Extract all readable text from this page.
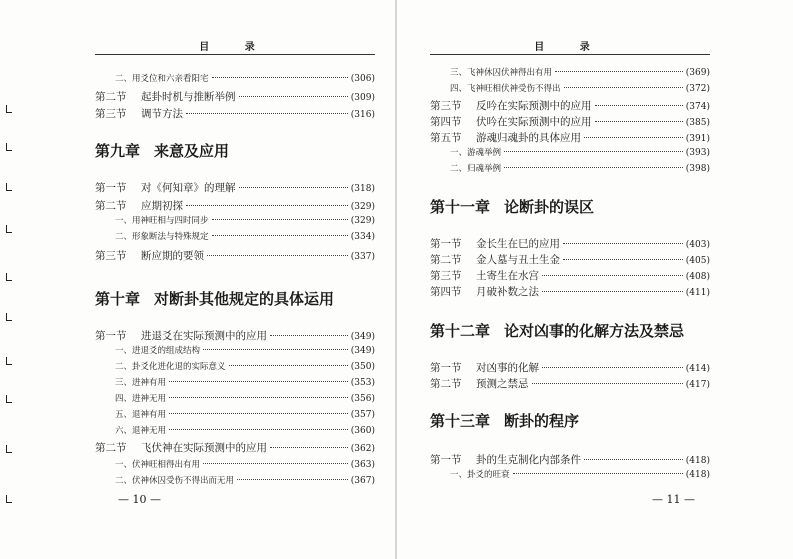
目 录
二、用爻位和六亲看阳宅	(306)
第二节	起卦时机与推断举例	(309)
第三节	调节方法	(316)
第九章 来意及应用
第一节	对《何知章》的理解	(318)
第二节	应期初探	(329)
一、用神旺相与四时同步	(329)
二、形象断法与特殊规定	(334)
第三节	断应期的要领	(337)
第十章 对断卦其他规定的具体运用
第一节	进退爻在实际预测中的应用	(349)
一、进退爻的组成结构	(349)
二、卦爻化进化退的实际意义	(350)
三、进神有用	(353)
四、进神无用	(356)
五、退神有用	(357)
六、退神无用	(360)
第二节	飞伏神在实际预测中的应用	(362)
一、伏神旺相得出有用	(363)
二、伏神休囚受伤不得出而无用	(367)
— 10 —
目 录
三、飞神休囚伏神得出有用	(369)
四、飞神旺相伏神受伤不得出	(372)
第三节	反吟在实际预测中的应用	(374)
第四节	伏吟在实际预测中的应用	(385)
第五节	游魂归魂卦的具体应用	(391)
一、游魂举例	(393)
二、归魂举例	(398)
第十一章 论断卦的误区
第一节	金长生在巳的应用	(403)
第二节	金人墓与丑土生金	(405)
第三节	土寄生在水宫	(408)
第四节	月破补数之法	(411)
第十二章 论对凶事的化解方法及禁忌
第一节	对凶事的化解	(414)
第二节	预测之禁忌	(417)
第十三章 断卦的程序
第一节	卦的生克制化内部条件	(418)
一、卦爻的旺衰	(418)
— 11 —
